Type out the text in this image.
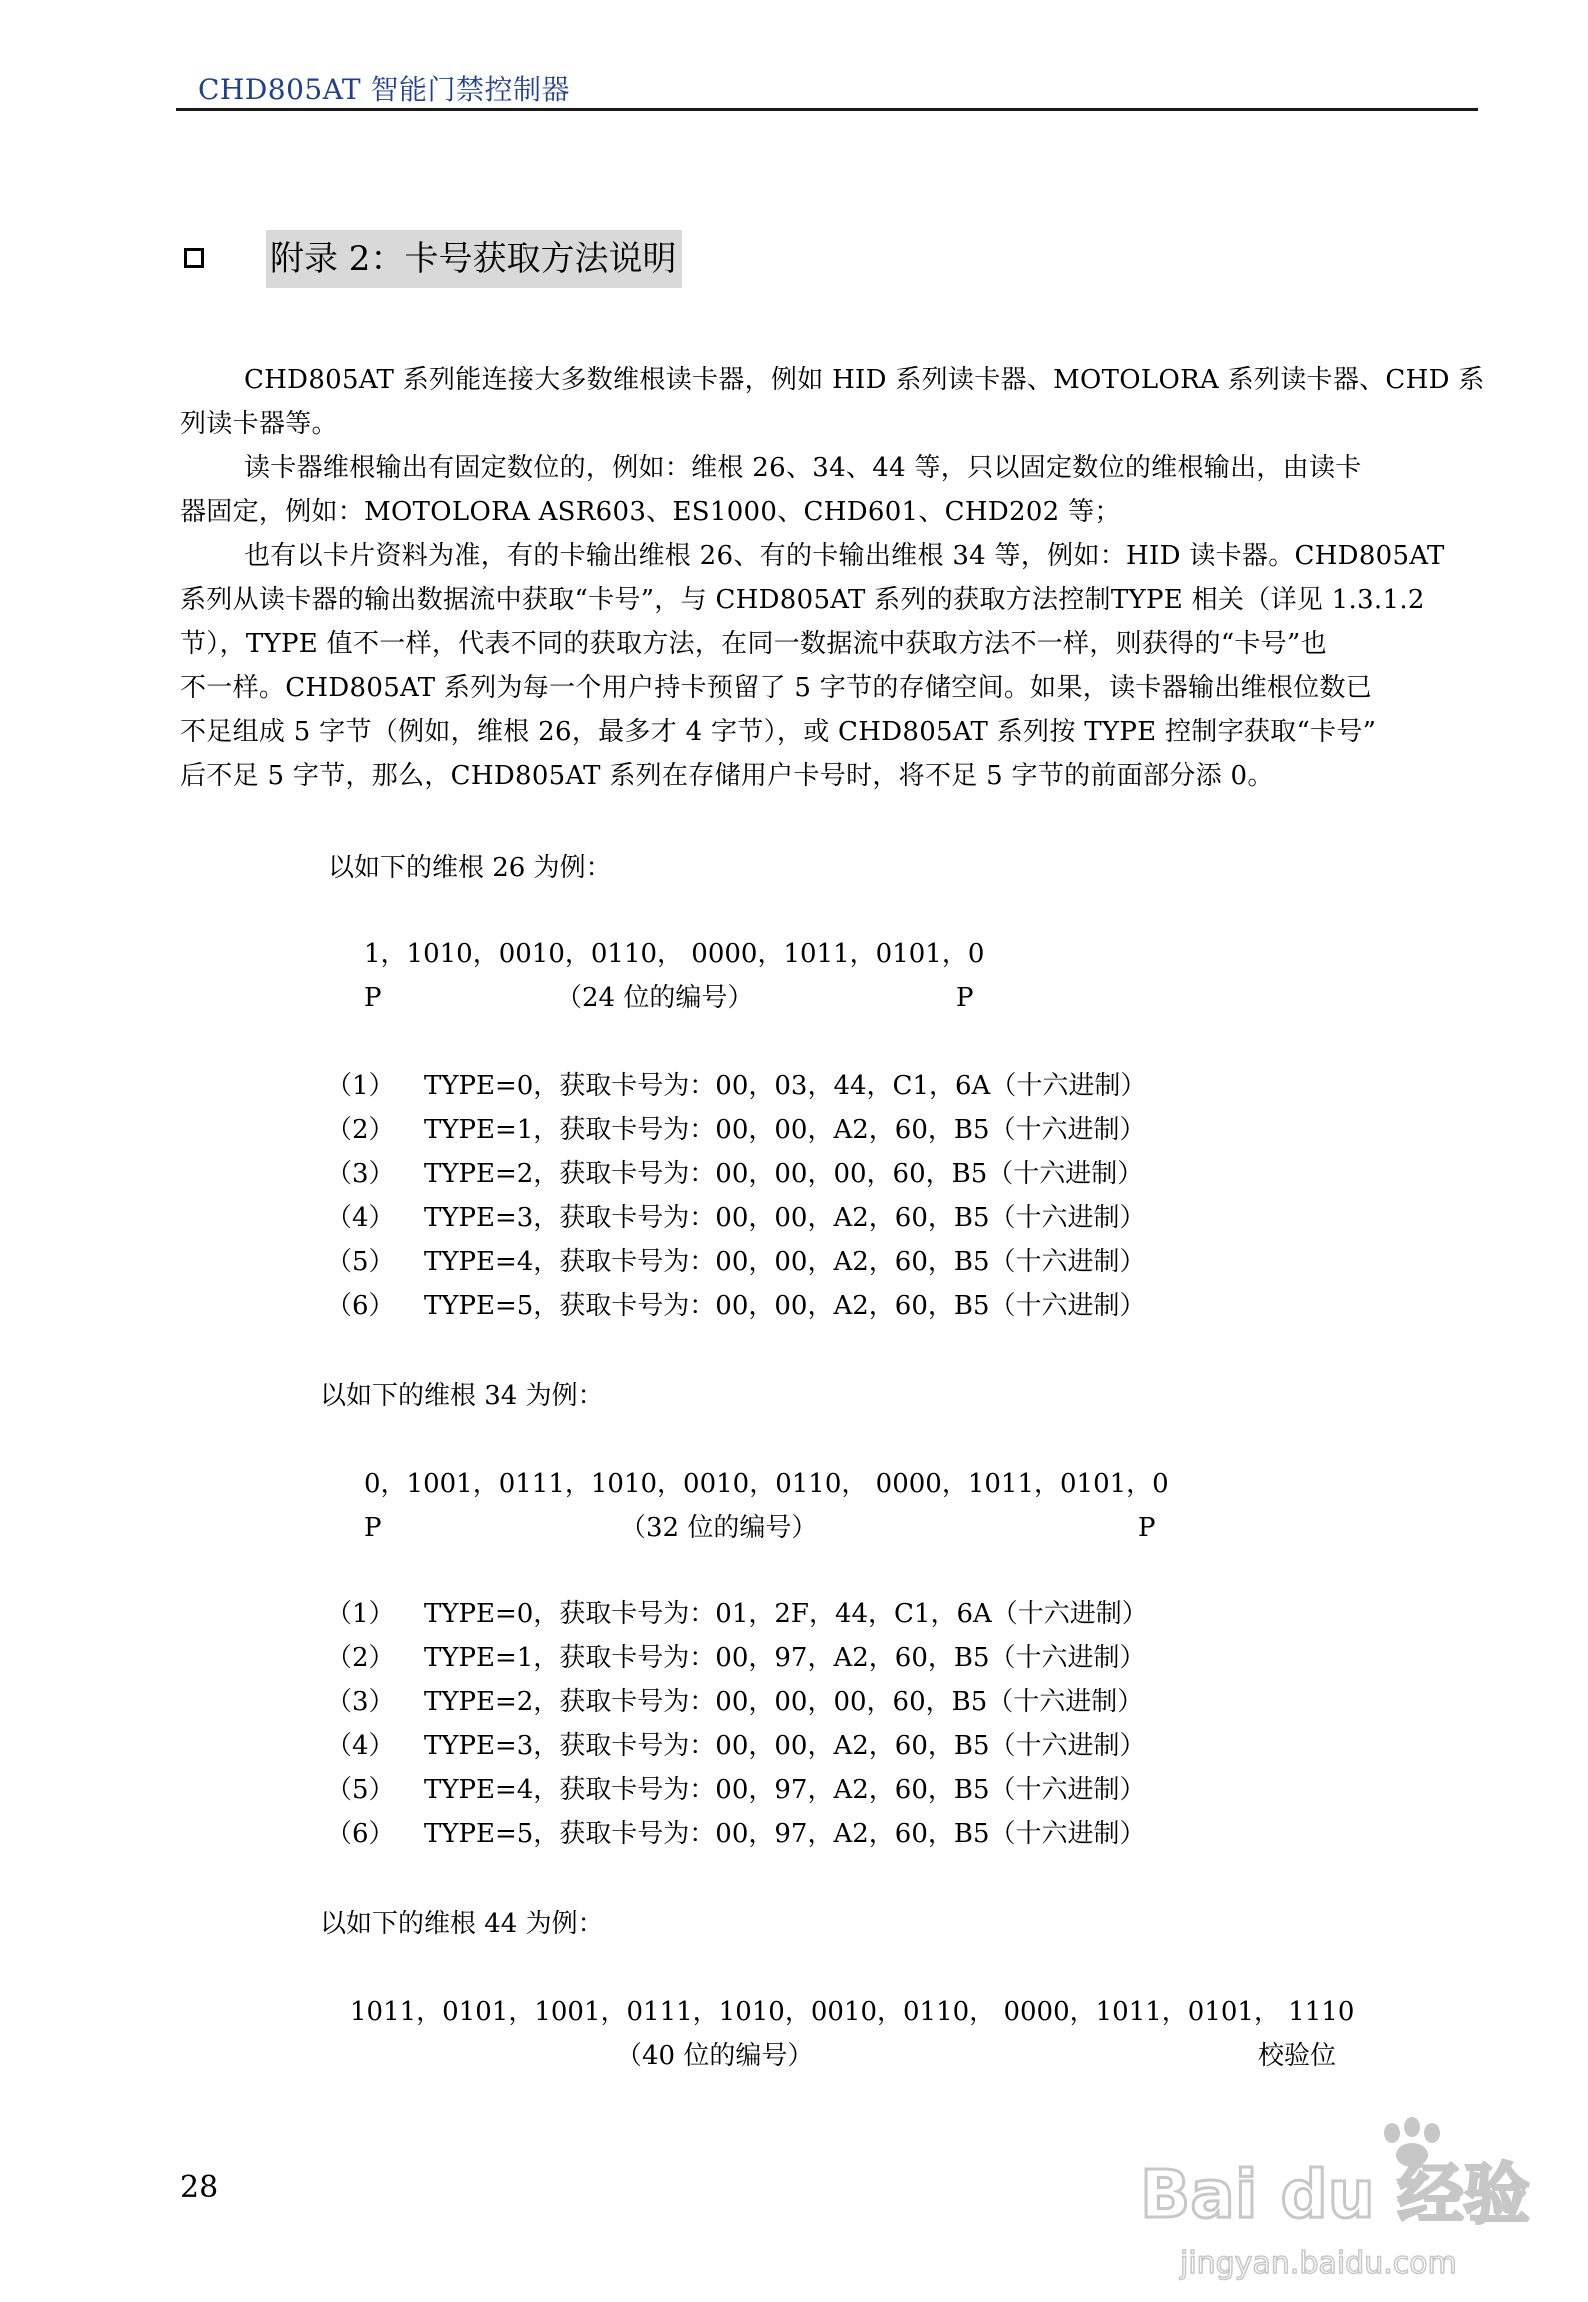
CHD805AT 智能门禁控制器
附录 2：卡号获取方法说明
CHD805AT 系列能连接大多数维根读卡器，例如 HID 系列读卡器、MOTOLORA 系列读卡器、CHD 系
列读卡器等。
读卡器维根输出有固定数位的，例如：维根 26、34、44 等，只以固定数位的维根输出，由读卡
器固定，例如：MOTOLORA ASR603、ES1000、CHD601、CHD202 等；
也有以卡片资料为准，有的卡输出维根 26、有的卡输出维根 34 等，例如：HID 读卡器。CHD805AT
系列从读卡器的输出数据流中获取“卡号”，与 CHD805AT 系列的获取方法控制TYPE 相关（详见 1.3.1.2
节），TYPE 值不一样，代表不同的获取方法，在同一数据流中获取方法不一样，则获得的“卡号”也
不一样。CHD805AT 系列为每一个用户持卡预留了 5 字节的存储空间。如果，读卡器输出维根位数已
不足组成 5 字节（例如，维根 26，最多才 4 字节），或 CHD805AT 系列按 TYPE 控制字获取“卡号”
后不足 5 字节，那么，CHD805AT 系列在存储用户卡号时，将不足 5 字节的前面部分添 0。
以如下的维根 26 为例：
1，1010，0010，0110， 0000，1011，0101，0
P	（24 位的编号）	P
（1） TYPE=0，获取卡号为：00，03，44，C1，6A（十六进制）
（2） TYPE=1，获取卡号为：00，00，A2，60，B5（十六进制）
（3） TYPE=2，获取卡号为：00，00，00，60，B5（十六进制）
（4） TYPE=3，获取卡号为：00，00，A2，60，B5（十六进制）
（5） TYPE=4，获取卡号为：00，00，A2，60，B5（十六进制）
（6） TYPE=5，获取卡号为：00，00，A2，60，B5（十六进制）
以如下的维根 34 为例：
0，1001，0111，1010，0010，0110， 0000，1011，0101，0
P	（32 位的编号）	P
（1） TYPE=0，获取卡号为：01，2F，44，C1，6A（十六进制）
（2） TYPE=1，获取卡号为：00，97，A2，60，B5（十六进制）
（3） TYPE=2，获取卡号为：00，00，00，60，B5（十六进制）
（4） TYPE=3，获取卡号为：00，00，A2，60，B5（十六进制）
（5） TYPE=4，获取卡号为：00，97，A2，60，B5（十六进制）
（6） TYPE=5，获取卡号为：00，97，A2，60，B5（十六进制）
以如下的维根 44 为例：
1011，0101，1001，0111，1010，0010，0110， 0000，1011，0101， 1110
（40 位的编号）	校验位
28	Bai du 经验
jingyan.baidu.com
